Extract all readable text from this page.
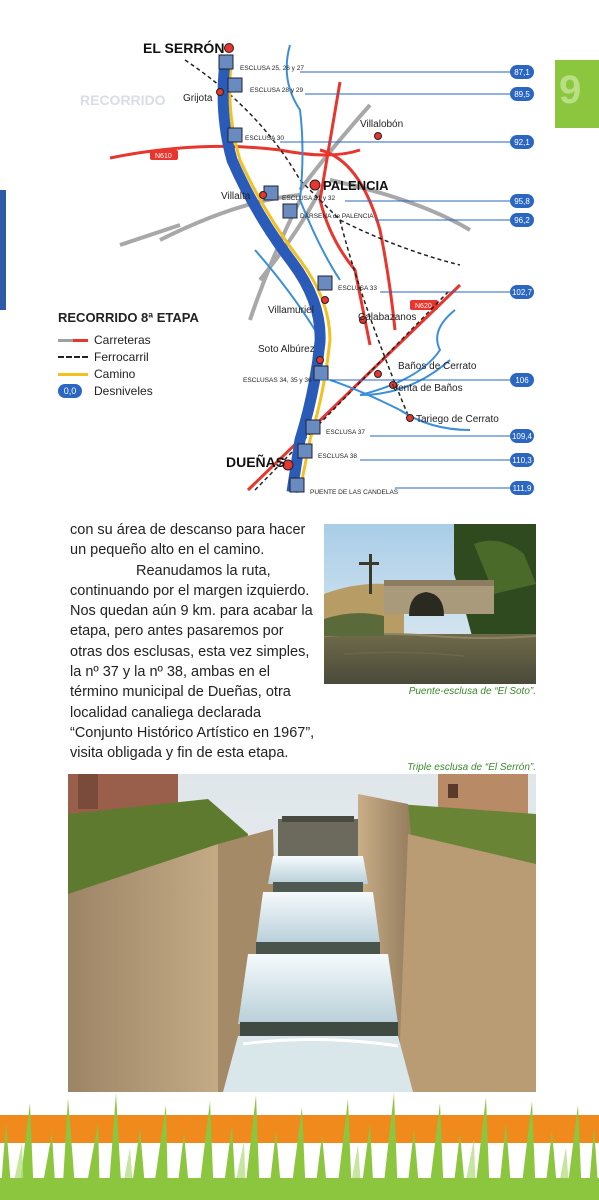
9
RECORRIDO
N610
N620
ESCLUSA 25, 26 y 27
ESCLUSA 28 y 29
ESCLUSA 30
ESCLUSA 31 y 32
DÁRSENA de PALENCIA
ESCLUSA 33
ESCLUSAS 34, 35 y 36
ESCLUSA 37
ESCLUSA 38
PUENTE DE LAS CANDELAS
87,1
89,5
92,1
95,8
96,2
102,7
106
109,4
110,3
111,9
EL SERRÓN
Grijota
Villalobón
PALENCIA
Villalta
Villamuriel
Calabazanos
Soto Albúrez
Baños de Cerrato
Venta de Baños
Tariego de Cerrato
DUEÑAS
RECORRIDO 8ª ETAPA
Carreteras
Ferrocarril
Camino
0,0	Desniveles

con su área de descanso para hacer un pequeño alto en el camino.

Reanudamos la ruta, continuando por el margen izquierdo. Nos quedan aún 9 km. para acabar la etapa, pero antes pasaremos por otras dos esclusas, esta vez simples, la nº 37 y la nº 38, ambas en el término municipal de Dueñas, otra localidad canaliega declarada “Conjunto Histórico Artístico en 1967”, visita obligada y fin de esta etapa.

Puente-esclusa de “El Soto”.
Triple esclusa de “El Serrón”.
